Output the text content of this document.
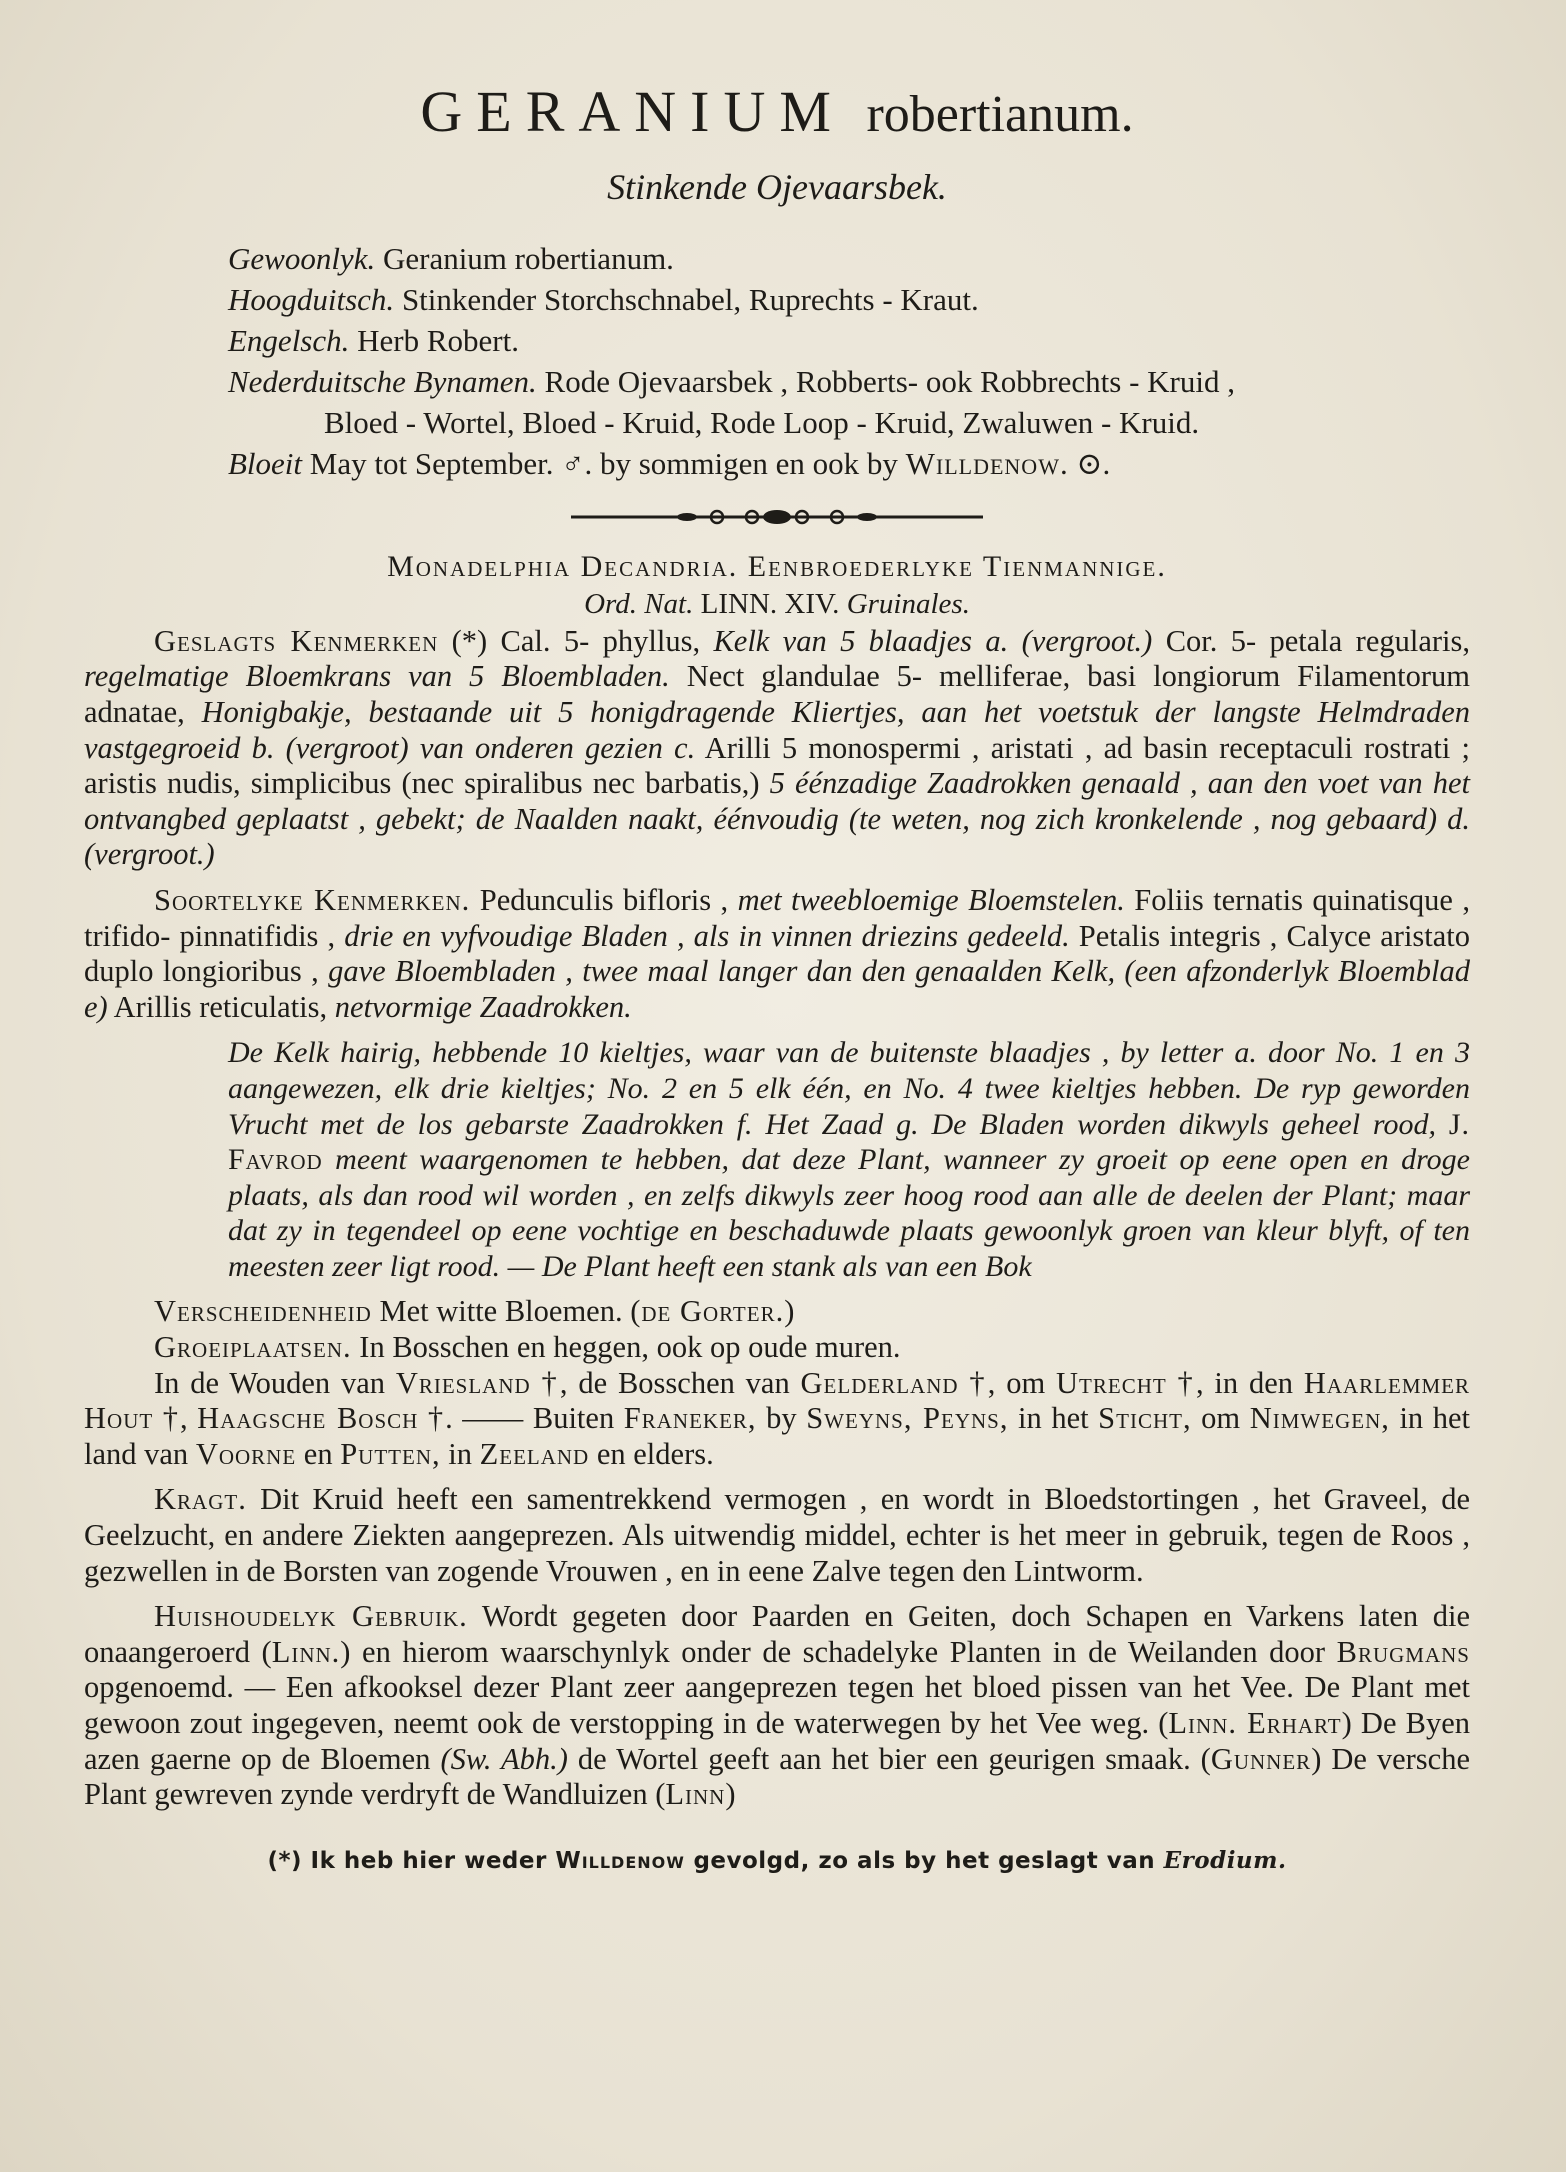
GERANIUM robertianum.
Stinkende Ojevaarsbek.
Gewoonlyk. Geranium robertianum.
Hoogduitsch. Stinkender Storchschnabel, Ruprechts - Kraut.
Engelsch. Herb Robert.
Nederduitsche Bynamen. Rode Ojevaarsbek , Robberts- ook Robbrechts - Kruid ,
Bloed - Wortel, Bloed - Kruid, Rode Loop - Kruid, Zwaluwen - Kruid.
Bloeit May tot September. ♂. by sommigen en ook by Willdenow. ⊙.
Monadelphia Decandria. Eenbroederlyke Tienmannige.
Ord. Nat. LINN. XIV. Gruinales.
Geslagts Kenmerken (*) Cal. 5- phyllus, Kelk van 5 blaadjes a. (vergroot.) Cor. 5- petala regularis, regelmatige Bloemkrans van 5 Bloembladen. Nect glandulae 5- melliferae, basi longiorum Filamentorum adnatae, Honigbakje, bestaande uit 5 honigdragende Kliertjes, aan het voetstuk der langste Helmdraden vastgegroeid b. (vergroot) van onderen gezien c. Arilli 5 monospermi , aristati , ad basin receptaculi rostrati ; aristis nudis, simplicibus (nec spiralibus nec barbatis,) 5 éénzadige Zaadrokken genaald , aan den voet van het ontvangbed geplaatst , gebekt; de Naalden naakt, éénvoudig (te weten, nog zich kronkelende , nog gebaard) d. (vergroot.)
Soortelyke Kenmerken. Pedunculis bifloris , met tweebloemige Bloemstelen. Foliis ternatis quinatisque , trifido- pinnatifidis , drie en vyfvoudige Bladen , als in vinnen driezins gedeeld. Petalis integris , Calyce aristato duplo longioribus , gave Bloembladen , twee maal langer dan den genaalden Kelk, (een afzonderlyk Bloemblad e) Arillis reticulatis, netvormige Zaadrokken.
De Kelk hairig, hebbende 10 kieltjes, waar van de buitenste blaadjes , by letter a. door No. 1 en 3 aangewezen, elk drie kieltjes; No. 2 en 5 elk één, en No. 4 twee kieltjes hebben. De ryp geworden Vrucht met de los gebarste Zaadrokken f. Het Zaad g. De Bladen worden dikwyls geheel rood, J. Favrod meent waargenomen te hebben, dat deze Plant, wanneer zy groeit op eene open en droge plaats, als dan rood wil worden , en zelfs dikwyls zeer hoog rood aan alle de deelen der Plant; maar dat zy in tegendeel op eene vochtige en beschaduwde plaats gewoonlyk groen van kleur blyft, of ten meesten zeer ligt rood. — De Plant heeft een stank als van een Bok
Verscheidenheid Met witte Bloemen. (de Gorter.)
Groeiplaatsen. In Bosschen en heggen, ook op oude muren.
In de Wouden van Vriesland †, de Bosschen van Gelderland †, om Utrecht †, in den Haarlemmer Hout †, Haagsche Bosch †. —— Buiten Franeker, by Sweyns, Peyns, in het Sticht, om Nimwegen, in het land van Voorne en Putten, in Zeeland en elders.
Kragt. Dit Kruid heeft een samentrekkend vermogen , en wordt in Bloedstortingen , het Graveel, de Geelzucht, en andere Ziekten aangeprezen. Als uitwendig middel, echter is het meer in gebruik, tegen de Roos , gezwellen in de Borsten van zogende Vrouwen , en in eene Zalve tegen den Lintworm.
Huishoudelyk Gebruik. Wordt gegeten door Paarden en Geiten, doch Schapen en Varkens laten die onaangeroerd (Linn.) en hierom waarschynlyk onder de schadelyke Planten in de Weilanden door Brugmans opgenoemd. — Een afkooksel dezer Plant zeer aangeprezen tegen het bloed pissen van het Vee. De Plant met gewoon zout ingegeven, neemt ook de verstopping in de waterwegen by het Vee weg. (Linn. Erhart) De Byen azen gaerne op de Bloemen (Sw. Abh.) de Wortel geeft aan het bier een geurigen smaak. (Gunner) De versche Plant gewreven zynde verdryft de Wandluizen (Linn)
(*) Ik heb hier weder Willdenow gevolgd, zo als by het geslagt van Erodium.
